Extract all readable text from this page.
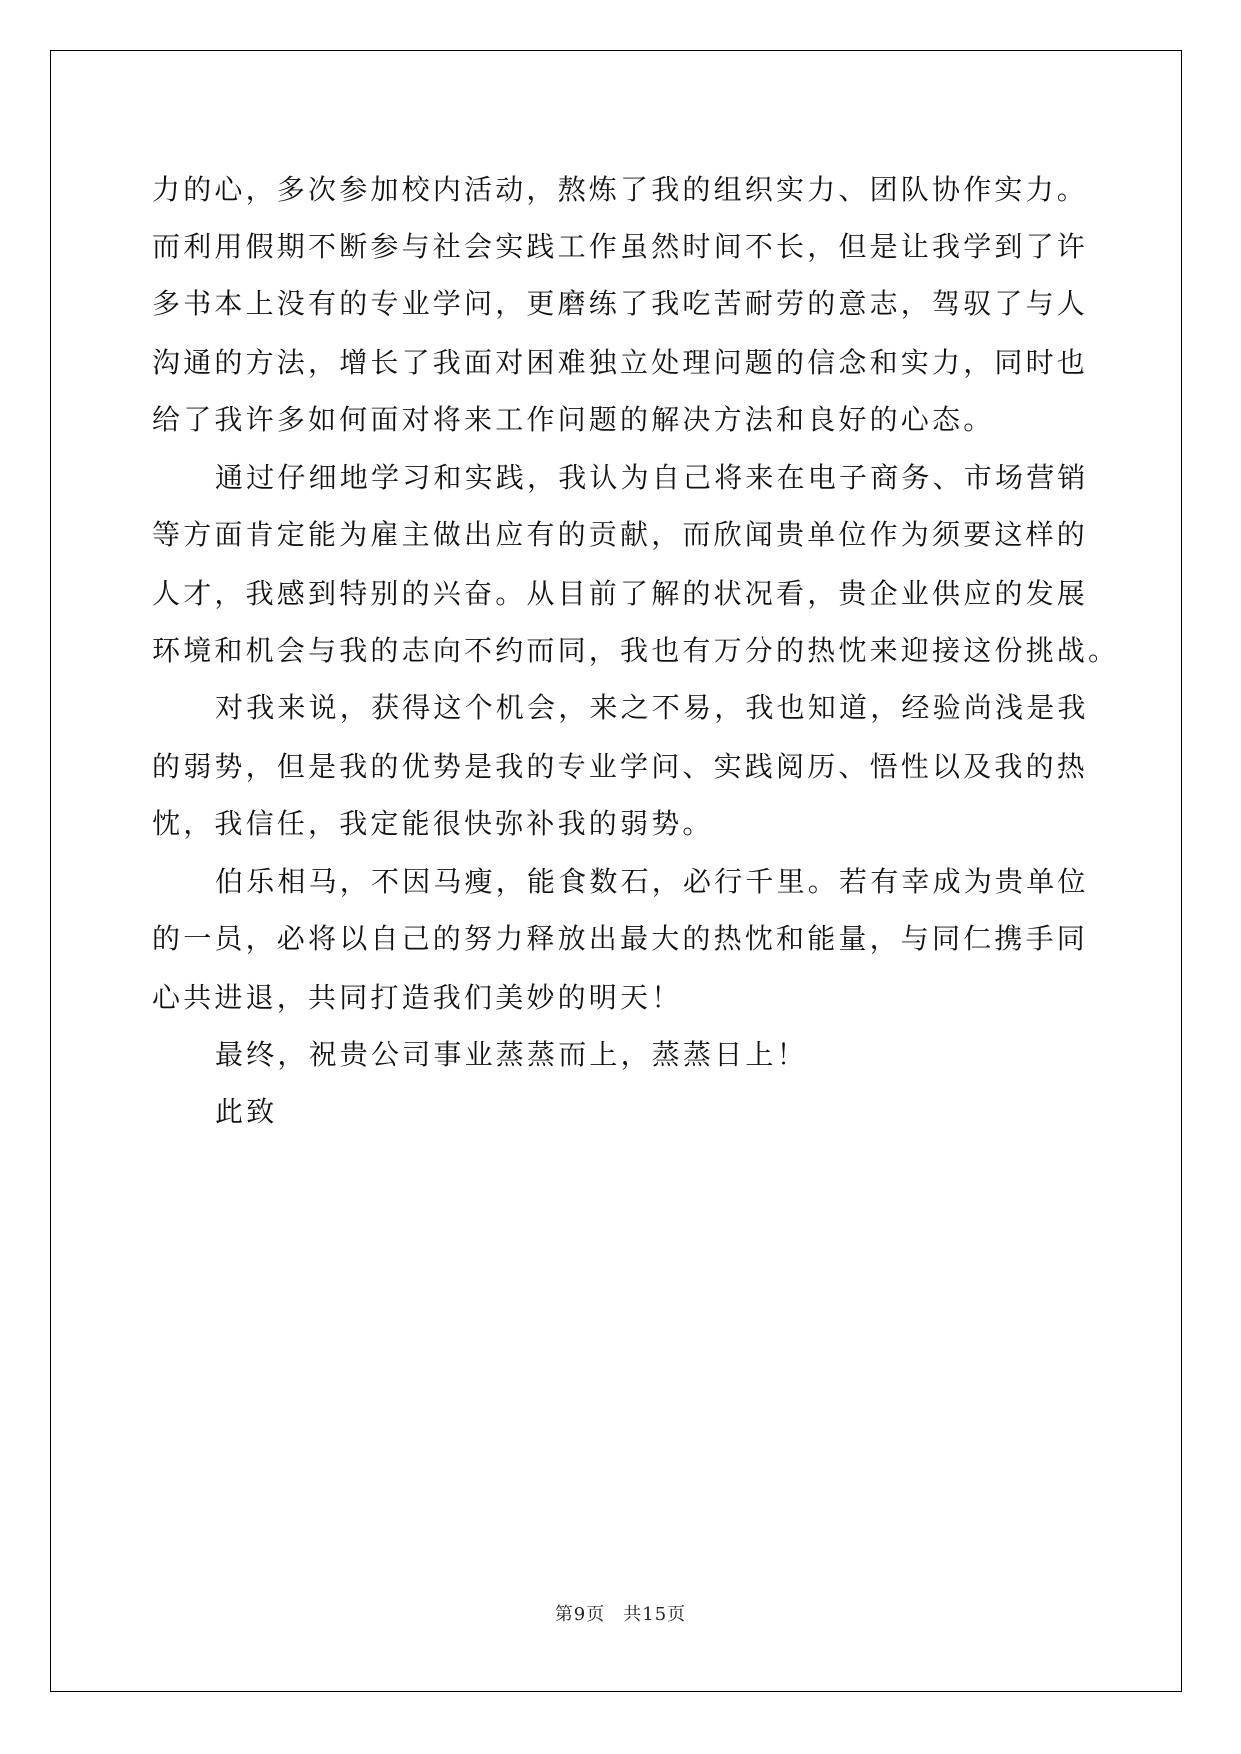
力的心，多次参加校内活动，熬炼了我的组织实力、团队协作实力。
而利用假期不断参与社会实践工作虽然时间不长，但是让我学到了许
多书本上没有的专业学问，更磨练了我吃苦耐劳的意志，驾驭了与人
沟通的方法，增长了我面对困难独立处理问题的信念和实力，同时也
给了我许多如何面对将来工作问题的解决方法和良好的心态。
通过仔细地学习和实践，我认为自己将来在电子商务、市场营销
等方面肯定能为雇主做出应有的贡献，而欣闻贵单位作为须要这样的
人才，我感到特别的兴奋。从目前了解的状况看，贵企业供应的发展
环境和机会与我的志向不约而同，我也有万分的热忱来迎接这份挑战。
对我来说，获得这个机会，来之不易，我也知道，经验尚浅是我
的弱势，但是我的优势是我的专业学问、实践阅历、悟性以及我的热
忱，我信任，我定能很快弥补我的弱势。
伯乐相马，不因马瘦，能食数石，必行千里。若有幸成为贵单位
的一员，必将以自己的努力释放出最大的热忱和能量，与同仁携手同
心共进退，共同打造我们美妙的明天！
最终，祝贵公司事业蒸蒸而上，蒸蒸日上！
此致
第9页 共15页
